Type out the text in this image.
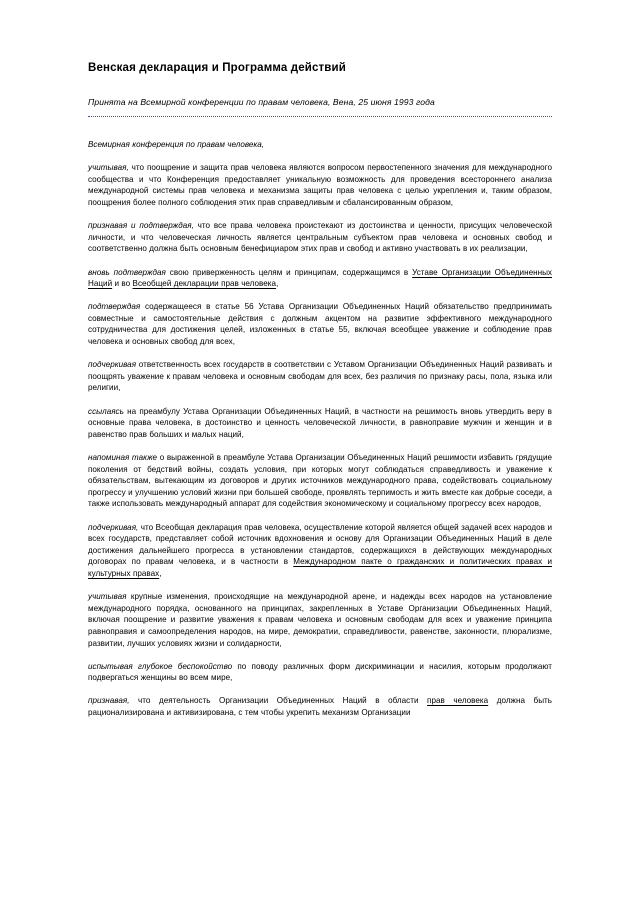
Венская декларация и Программа действий
Принята на Всемирной конференции по правам человека, Вена, 25 июня 1993 года

Всемирная конференция по правам человека,

учитывая, что поощрение и защита прав человека являются вопросом первостепенного значения для международного сообщества и что Конференция предоставляет уникальную возможность для проведения всестороннего анализа международной системы прав человека и механизма защиты прав человека с целью укрепления и, таким образом, поощрения более полного соблюдения этих прав справедливым и сбалансированным образом,

признавая и подтверждая, что все права человека проистекают из достоинства и ценности, присущих человеческой личности, и что человеческая личность является центральным субъектом прав человека и основных свобод и соответственно должна быть основным бенефициаром этих прав и свобод и активно участвовать в их реализации,

вновь подтверждая свою приверженность целям и принципам, содержащимся в Уставе Организации Объединенных Наций и во Всеобщей декларации прав человека,

подтверждая содержащееся в статье 56 Устава Организации Объединенных Наций обязательство предпринимать совместные и самостоятельные действия с должным акцентом на развитие эффективного международного сотрудничества для достижения целей, изложенных в статье 55, включая всеобщее уважение и соблюдение прав человека и основных свобод для всех,

подчеркивая ответственность всех государств в соответствии с Уставом Организации Объединенных Наций развивать и поощрять уважение к правам человека и основным свободам для всех, без различия по признаку расы, пола, языка или религии,

ссылаясь на преамбулу Устава Организации Объединенных Наций, в частности на решимость вновь утвердить веру в основные права человека, в достоинство и ценность человеческой личности, в равноправие мужчин и женщин и в равенство прав больших и малых наций,

напоминая также о выраженной в преамбуле Устава Организации Объединенных Наций решимости избавить грядущие поколения от бедствий войны, создать условия, при которых могут соблюдаться справедливость и уважение к обязательствам, вытекающим из договоров и других источников международного права, содействовать социальному прогрессу и улучшению условий жизни при большей свободе, проявлять терпимость и жить вместе как добрые соседи, а также использовать международный аппарат для содействия экономическому и социальному прогрессу всех народов,

подчеркивая, что Всеобщая декларация прав человека, осуществление которой является общей задачей всех народов и всех государств, представляет собой источник вдохновения и основу для Организации Объединенных Наций в деле достижения дальнейшего прогресса в установлении стандартов, содержащихся в действующих международных договорах по правам человека, и в частности в Международном пакте о гражданских и политических правах и культурных правах,

учитывая крупные изменения, происходящие на международной арене, и надежды всех народов на установление международного порядка, основанного на принципах, закрепленных в Уставе Организации Объединенных Наций, включая поощрение и развитие уважения к правам человека и основным свободам для всех и уважение принципа равноправия и самоопределения народов, на мире, демократии, справедливости, равенстве, законности, плюрализме, развитии, лучших условиях жизни и солидарности,

испытывая глубокое беспокойство по поводу различных форм дискриминации и насилия, которым продолжают подвергаться женщины во всем мире,

признавая, что деятельность Организации Объединенных Наций в области прав человека должна быть рационализирована и активизирована, с тем чтобы укрепить механизм Организации
